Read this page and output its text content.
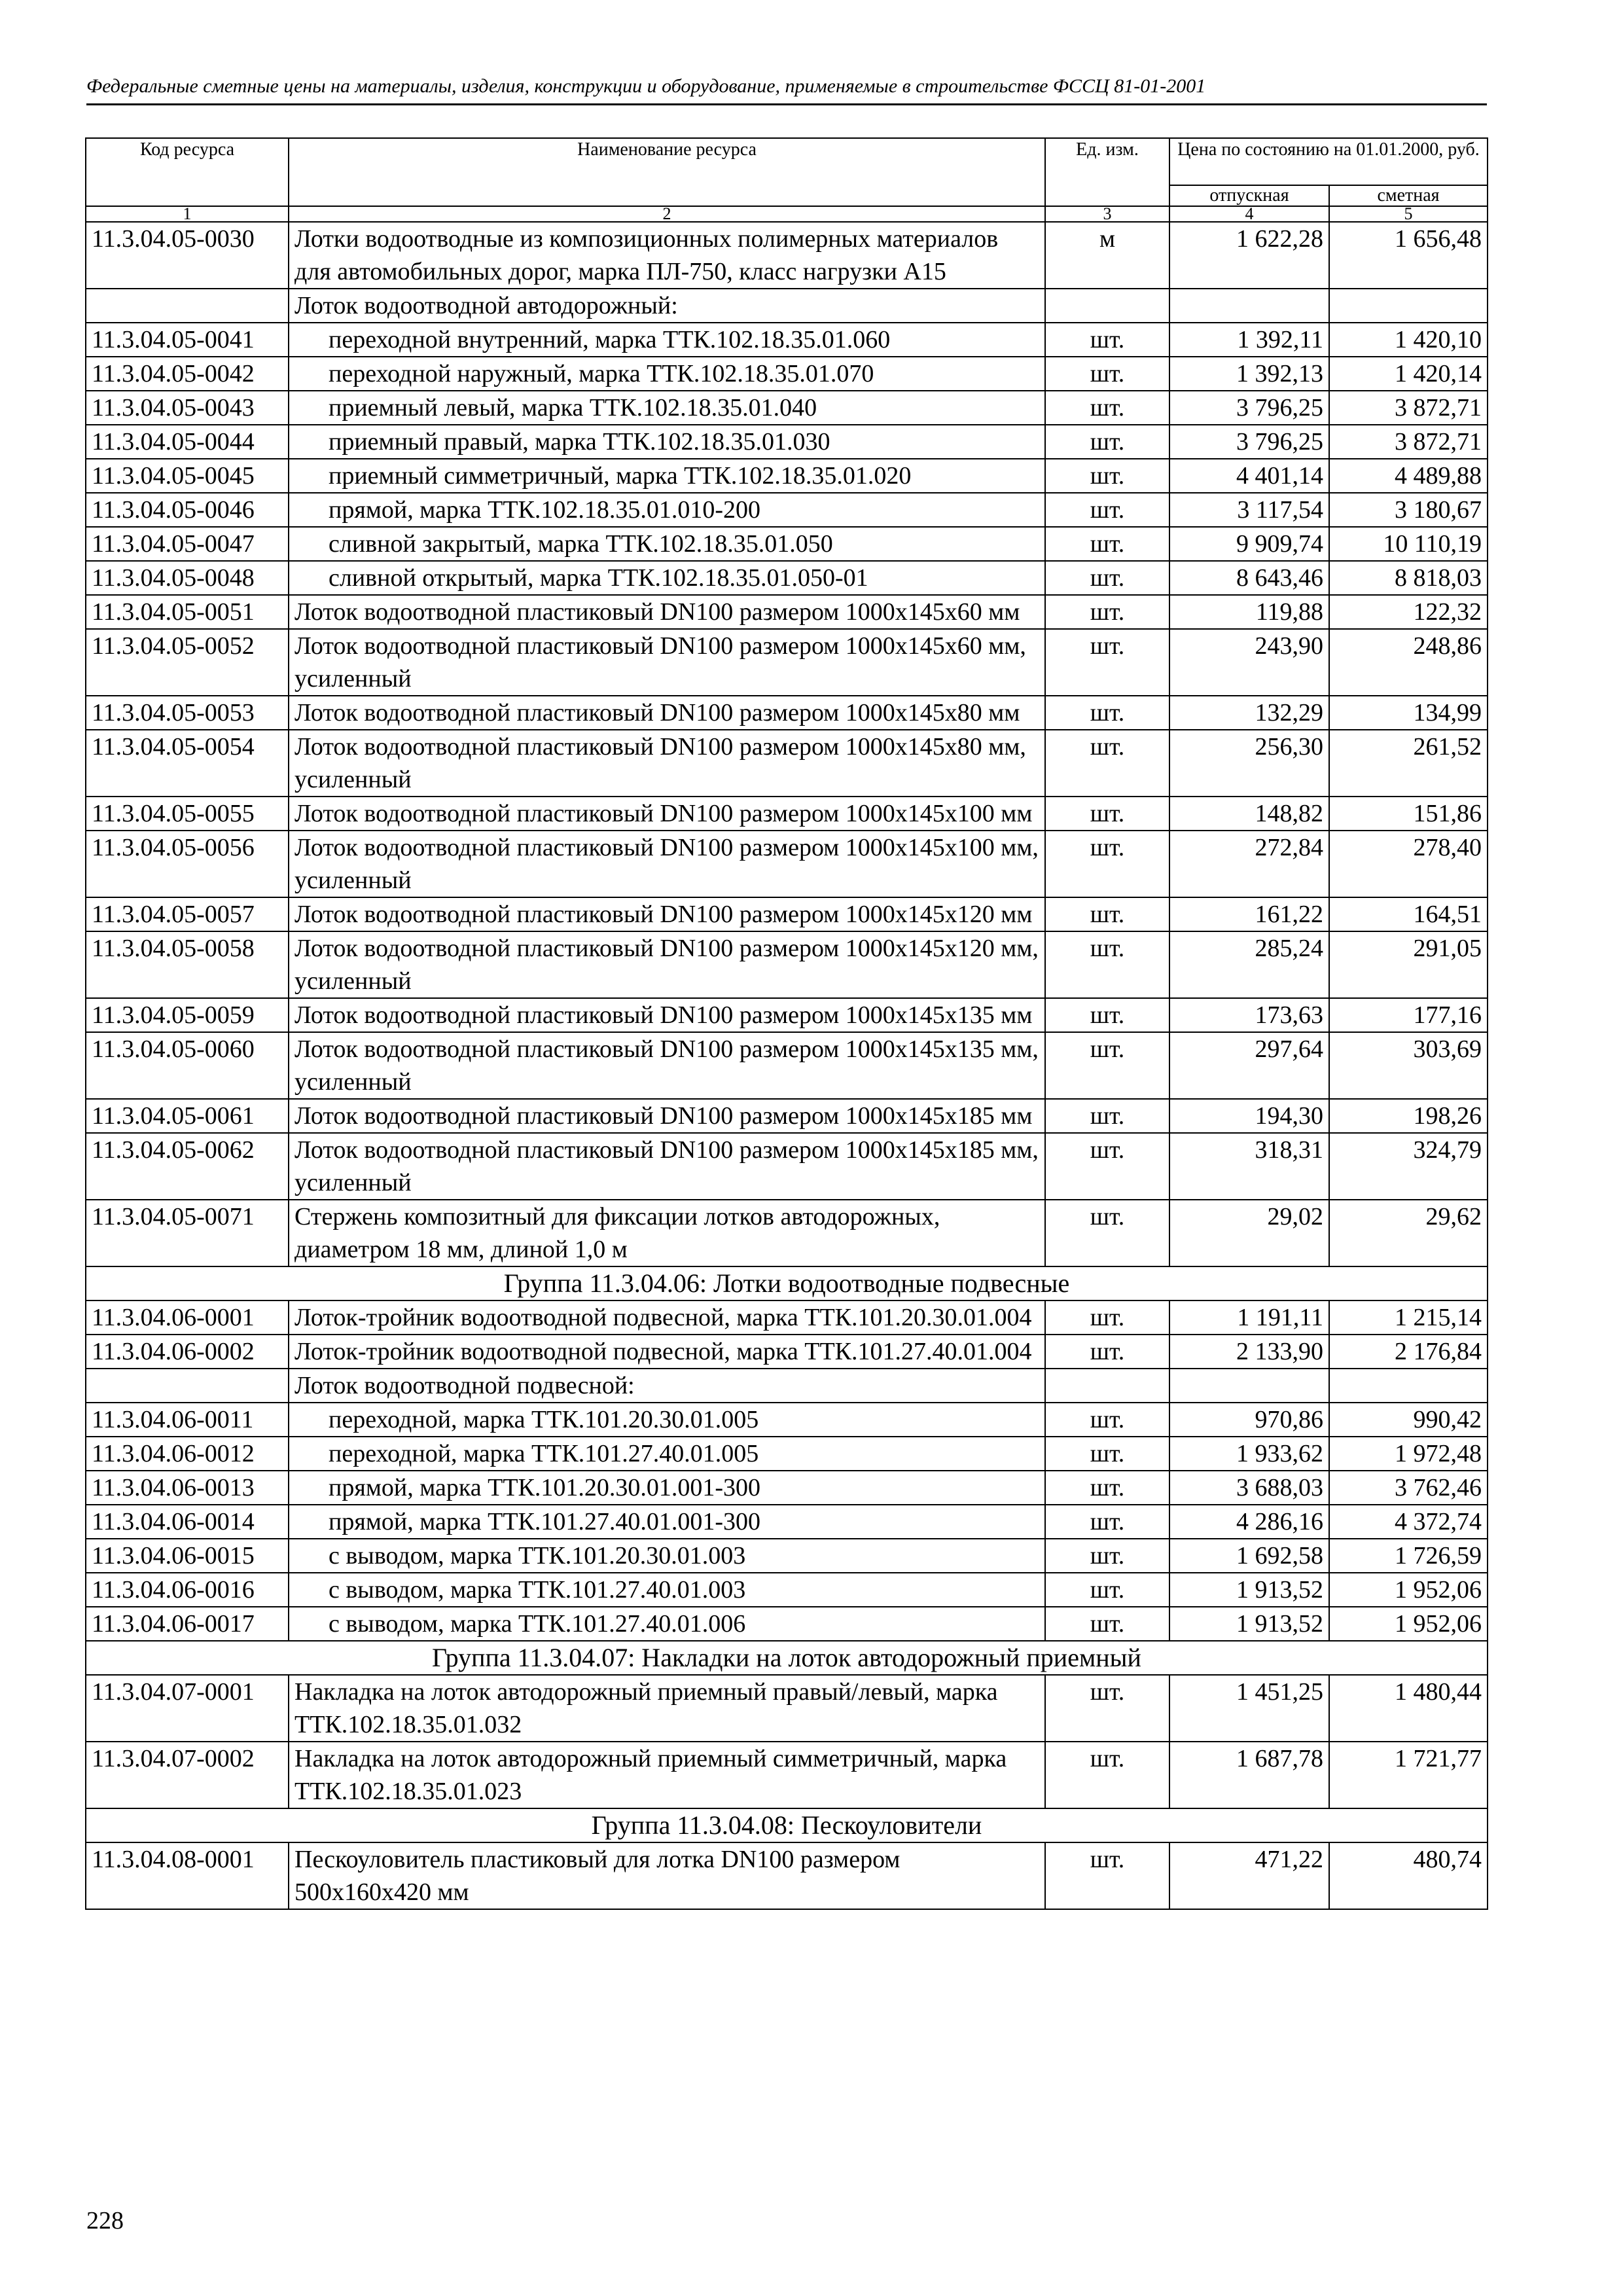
Федеральные сметные цены на материалы, изделия, конструкции и оборудование, применяемые в строительстве ФССЦ 81-01-2001
Код ресурса	Наименование ресурса	Ед. изм.	Цена по состоянию на 01.01.2000, руб.	
			отпускная	сметная
1	2	3	4	5
11.3.04.05-0030	Лотки водоотводные из композиционных полимерных материалов для автомобильных дорог, марка ПЛ-750, класс нагрузки А15	м	1 622,28	1 656,48
	Лоток водоотводной автодорожный:			
11.3.04.05-0041	переходной внутренний, марка ТТК.102.18.35.01.060	шт.	1 392,11	1 420,10
11.3.04.05-0042	переходной наружный, марка ТТК.102.18.35.01.070	шт.	1 392,13	1 420,14
11.3.04.05-0043	приемный левый, марка ТТК.102.18.35.01.040	шт.	3 796,25	3 872,71
11.3.04.05-0044	приемный правый, марка ТТК.102.18.35.01.030	шт.	3 796,25	3 872,71
11.3.04.05-0045	приемный симметричный, марка ТТК.102.18.35.01.020	шт.	4 401,14	4 489,88
11.3.04.05-0046	прямой, марка ТТК.102.18.35.01.010-200	шт.	3 117,54	3 180,67
11.3.04.05-0047	сливной закрытый, марка ТТК.102.18.35.01.050	шт.	9 909,74	10 110,19
11.3.04.05-0048	сливной открытый, марка ТТК.102.18.35.01.050-01	шт.	8 643,46	8 818,03
11.3.04.05-0051	Лоток водоотводной пластиковый DN100 размером 1000х145х60 мм	шт.	119,88	122,32
11.3.04.05-0052	Лоток водоотводной пластиковый DN100 размером 1000х145х60 мм, усиленный	шт.	243,90	248,86
11.3.04.05-0053	Лоток водоотводной пластиковый DN100 размером 1000х145х80 мм	шт.	132,29	134,99
11.3.04.05-0054	Лоток водоотводной пластиковый DN100 размером 1000х145х80 мм, усиленный	шт.	256,30	261,52
11.3.04.05-0055	Лоток водоотводной пластиковый DN100 размером 1000х145х100 мм	шт.	148,82	151,86
11.3.04.05-0056	Лоток водоотводной пластиковый DN100 размером 1000х145х100 мм, усиленный	шт.	272,84	278,40
11.3.04.05-0057	Лоток водоотводной пластиковый DN100 размером 1000х145х120 мм	шт.	161,22	164,51
11.3.04.05-0058	Лоток водоотводной пластиковый DN100 размером 1000х145х120 мм, усиленный	шт.	285,24	291,05
11.3.04.05-0059	Лоток водоотводной пластиковый DN100 размером 1000х145х135 мм	шт.	173,63	177,16
11.3.04.05-0060	Лоток водоотводной пластиковый DN100 размером 1000х145х135 мм, усиленный	шт.	297,64	303,69
11.3.04.05-0061	Лоток водоотводной пластиковый DN100 размером 1000х145х185 мм	шт.	194,30	198,26
11.3.04.05-0062	Лоток водоотводной пластиковый DN100 размером 1000х145х185 мм, усиленный	шт.	318,31	324,79
11.3.04.05-0071	Стержень композитный для фиксации лотков автодорожных, диаметром 18 мм, длиной 1,0 м	шт.	29,02	29,62
Группа 11.3.04.06: Лотки водоотводные подвесные				
11.3.04.06-0001	Лоток-тройник водоотводной подвесной, марка ТТК.101.20.30.01.004	шт.	1 191,11	1 215,14
11.3.04.06-0002	Лоток-тройник водоотводной подвесной, марка ТТК.101.27.40.01.004	шт.	2 133,90	2 176,84
	Лоток водоотводной подвесной:			
11.3.04.06-0011	переходной, марка ТТК.101.20.30.01.005	шт.	970,86	990,42
11.3.04.06-0012	переходной, марка ТТК.101.27.40.01.005	шт.	1 933,62	1 972,48
11.3.04.06-0013	прямой, марка ТТК.101.20.30.01.001-300	шт.	3 688,03	3 762,46
11.3.04.06-0014	прямой, марка ТТК.101.27.40.01.001-300	шт.	4 286,16	4 372,74
11.3.04.06-0015	с выводом, марка ТТК.101.20.30.01.003	шт.	1 692,58	1 726,59
11.3.04.06-0016	с выводом, марка ТТК.101.27.40.01.003	шт.	1 913,52	1 952,06
11.3.04.06-0017	с выводом, марка ТТК.101.27.40.01.006	шт.	1 913,52	1 952,06
Группа 11.3.04.07: Накладки на лоток автодорожный приемный				
11.3.04.07-0001	Накладка на лоток автодорожный приемный правый/левый, марка ТТК.102.18.35.01.032	шт.	1 451,25	1 480,44
11.3.04.07-0002	Накладка на лоток автодорожный приемный симметричный, марка ТТК.102.18.35.01.023	шт.	1 687,78	1 721,77
Группа 11.3.04.08: Пескоуловители				
11.3.04.08-0001	Пескоуловитель пластиковый для лотка DN100 размером 500х160х420 мм	шт.	471,22	480,74
228
